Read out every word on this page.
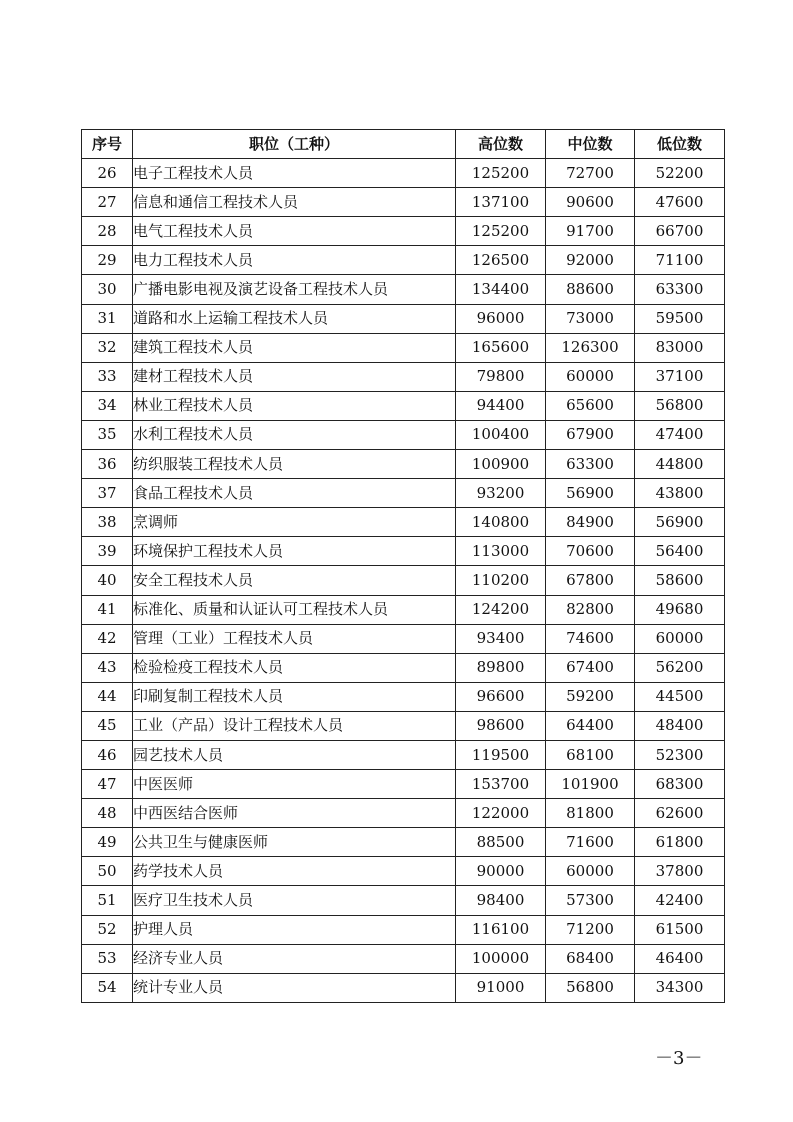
序号	职位（工种）	高位数	中位数	低位数
26	电子工程技术人员	125200	72700	52200
27	信息和通信工程技术人员	137100	90600	47600
28	电气工程技术人员	125200	91700	66700
29	电力工程技术人员	126500	92000	71100
30	广播电影电视及演艺设备工程技术人员	134400	88600	63300
31	道路和水上运输工程技术人员	96000	73000	59500
32	建筑工程技术人员	165600	126300	83000
33	建材工程技术人员	79800	60000	37100
34	林业工程技术人员	94400	65600	56800
35	水利工程技术人员	100400	67900	47400
36	纺织服装工程技术人员	100900	63300	44800
37	食品工程技术人员	93200	56900	43800
38	烹调师	140800	84900	56900
39	环境保护工程技术人员	113000	70600	56400
40	安全工程技术人员	110200	67800	58600
41	标准化、质量和认证认可工程技术人员	124200	82800	49680
42	管理（工业）工程技术人员	93400	74600	60000
43	检验检疫工程技术人员	89800	67400	56200
44	印刷复制工程技术人员	96600	59200	44500
45	工业（产品）设计工程技术人员	98600	64400	48400
46	园艺技术人员	119500	68100	52300
47	中医医师	153700	101900	68300
48	中西医结合医师	122000	81800	62600
49	公共卫生与健康医师	88500	71600	61800
50	药学技术人员	90000	60000	37800
51	医疗卫生技术人员	98400	57300	42400
52	护理人员	116100	71200	61500
53	经济专业人员	100000	68400	46400
54	统计专业人员	91000	56800	34300
－3－
